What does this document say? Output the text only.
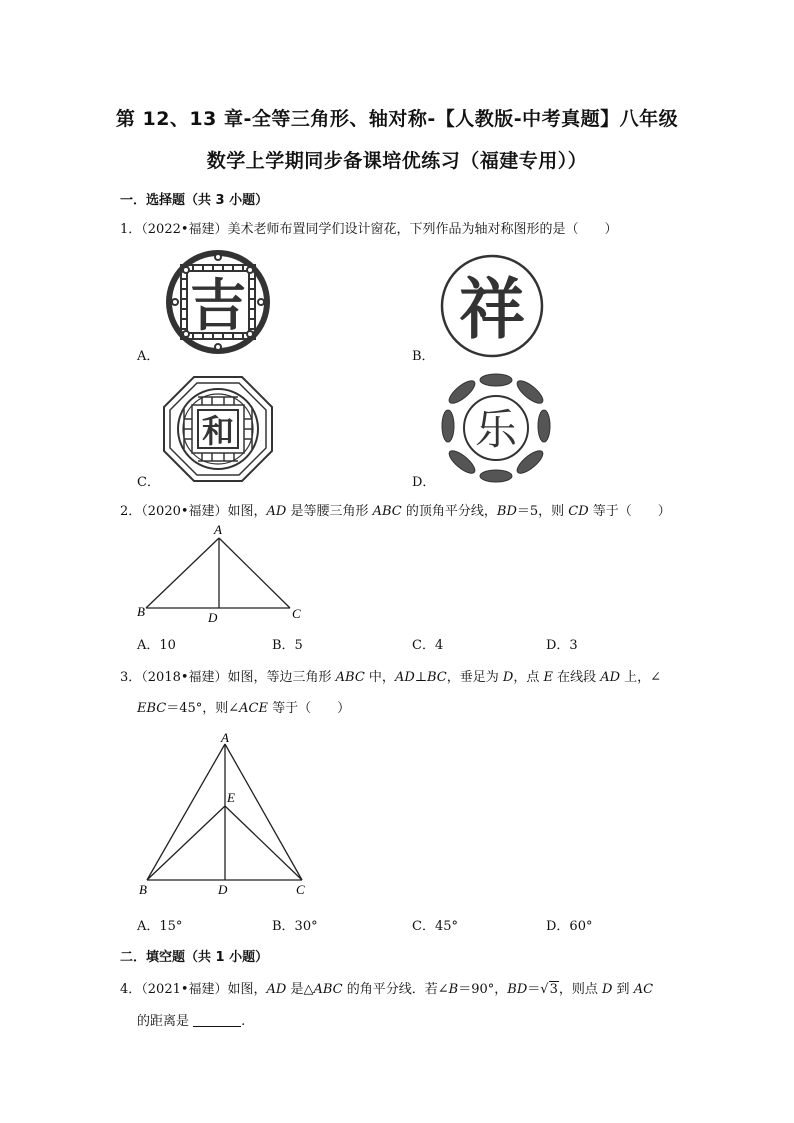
第 12、13 章-全等三角形、轴对称-【人教版-中考真题】八年级
数学上学期同步备课培优练习（福建专用））
一．选择题（共 3 小题）
1．（2022•福建）美术老师布置同学们设计窗花，下列作品为轴对称图形的是（　　）
吉
A．
祥
B．
和
C．
乐
D．
2．（2020•福建）如图，AD 是等腰三角形 ABC 的顶角平分线，BD＝5，则 CD 等于（　　）
A
B	C
D
A．10	B．5	C．4	D．3
3．（2018•福建）如图，等边三角形 ABC 中，AD⊥BC，垂足为 D，点 E 在线段 AD 上，∠
EBC＝45°，则∠ACE 等于（　　）
A
E
B	D	C
A．15°	B．30°	C．45°	D．60°
二．填空题（共 1 小题）
4．（2021•福建）如图，AD 是△ABC 的角平分线．若∠B＝90°，BD＝√3，则点 D 到 AC
的距离是	.
